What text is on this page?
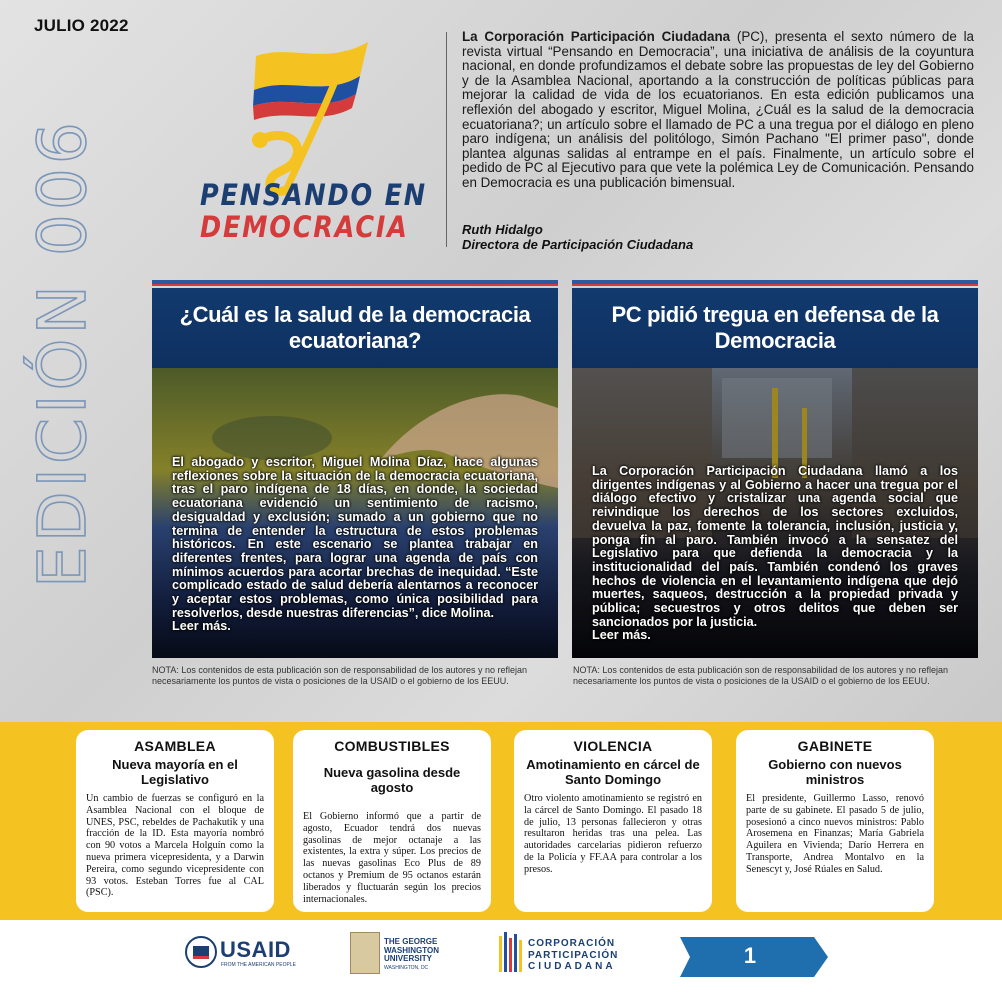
JULIO 2022
EDICIÓN 006	PENSANDO EN
DEMOCRACIA

La Corporación Participación Ciudadana (PC), presenta el sexto número de la revista virtual “Pensando en Democracia”, una iniciativa de análisis de la coyuntura nacional, en donde profundizamos el debate sobre las propuestas de ley del Gobierno y de la Asamblea Nacional, aportando a la construcción de políticas públicas para mejorar la calidad de vida de los ecuatorianos. En esta edición publicamos una reflexión del abogado y escritor, Miguel Molina, ¿Cuál es la salud de la democracia ecuatoriana?; un artículo sobre el llamado de PC a una tregua por el diálogo en pleno paro indígena; un análisis del politólogo, Simón Pachano "El primer paso", donde plantea algunas salidas al entrampe en el país. Finalmente, un artículo sobre el pedido de PC al Ejecutivo para que vete la polémica Ley de Comunicación. Pensando en Democracia es una publicación bimensual.

Ruth Hidalgo
Directora de Participación Ciudadana
¿Cuál es la salud de la democracia ecuatoriana?
El abogado y escritor, Miguel Molina Díaz, hace algunas reflexiones sobre la situación de la democracia ecuatoriana, tras el paro indígena de 18 días, en donde, la sociedad ecuatoriana evidenció un sentimiento de racismo, desigualdad y exclusión; sumado a un gobierno que no termina de entender la estructura de estos problemas históricos. En este escenario se plantea trabajar en diferentes frentes, para lograr una agenda de país con mínimos acuerdos para acortar brechas de inequidad. “Este complicado estado de salud debería alentarnos a reconocer y aceptar estos problemas, como única posibilidad para resolverlos, desde nuestras diferencias”, dice Molina.
Leer más.
PC pidió tregua en defensa de la Democracia
La Corporación Participación Ciudadana llamó a los dirigentes indígenas y al Gobierno a hacer una tregua por el diálogo efectivo y cristalizar una agenda social que reivindique los derechos de los sectores excluidos, devuelva la paz, fomente la tolerancia, inclusión, justicia y, ponga fin al paro. También invocó a la sensatez del Legislativo para que defienda la democracia y la institucionalidad del país. También condenó los graves hechos de violencia en el levantamiento indígena que dejó muertes, saqueos, destrucción a la propiedad privada y pública; secuestros y otros delitos que deben ser sancionados por la justicia.
Leer más.
NOTA: Los contenidos de esta publicación son de responsabilidad de los autores y no reflejan necesariamente los puntos de vista o posiciones de la USAID o el gobierno de los EEUU.
NOTA: Los contenidos de esta publicación son de responsabilidad de los autores y no reflejan necesariamente los puntos de vista o posiciones de la USAID o el gobierno de los EEUU.
ASAMBLEA
Nueva mayoría en el Legislativo
Un cambio de fuerzas se configuró en la Asamblea Nacional con el bloque de UNES, PSC, rebeldes de Pachakutik y una fracción de la ID. Esta mayoría nombró con 90 votos a Marcela Holguín como la nueva primera vicepresidenta, y a Darwin Pereira, como segundo vicepresidente con 93 votos. Esteban Torres fue al CAL (PSC).
COMBUSTIBLES
Nueva gasolina desde agosto
El Gobierno informó que a partir de agosto, Ecuador tendrá dos nuevas gasolinas de mejor octanaje a las existentes, la extra y súper. Los precios de las nuevas gasolinas Eco Plus de 89 octanos y Premium de 95 octanos estarán liberados y fluctuarán según los precios internacionales.
VIOLENCIA
Amotinamiento en cárcel de Santo Domingo
Otro violento amotinamiento se registró en la cárcel de Santo Domingo. El pasado 18 de julio, 13 personas fallecieron y otras resultaron heridas tras una pelea. Las autoridades carcelarias pidieron refuerzo de la Policía y FF.AA para controlar a los presos.
GABINETE
Gobierno con nuevos ministros
El presidente, Guillermo Lasso, renovó parte de su gabinete. El pasado 5 de julio, posesionó a cinco nuevos ministros: Pablo Arosemena en Finanzas; María Gabriela Aguilera en Vivienda; Darío Herrera en Transporte, Andrea Montalvo en la Senescyt y, José Rúales en Salud.
USAID
FROM THE AMERICAN PEOPLE
THE GEORGE
WASHINGTON
UNIVERSITY
WASHINGTON, DC
CORPORACIÓN
PARTICIPACIÓN
CIUDADANA	1
